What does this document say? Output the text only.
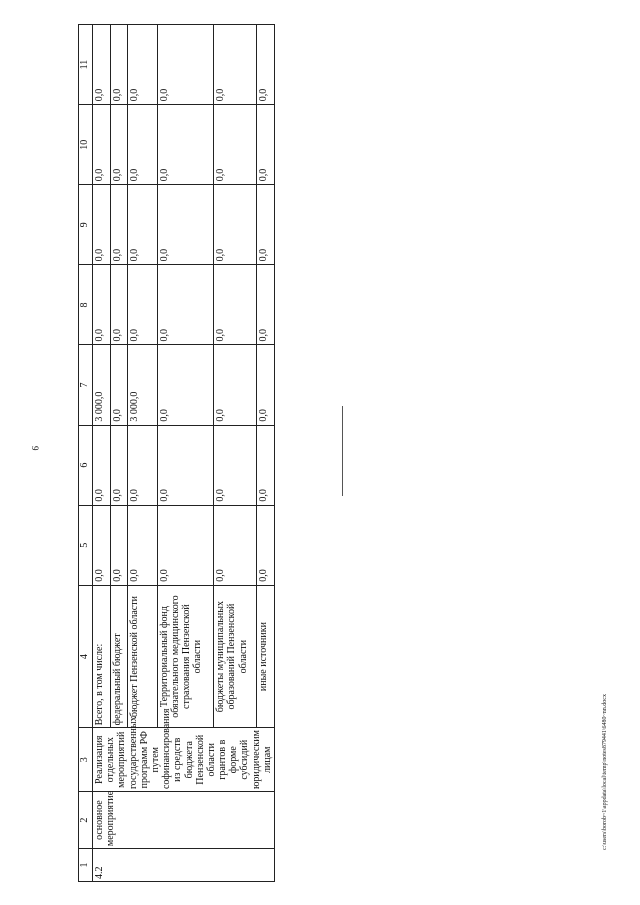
9
1	2	3	4	5	6	7	8	9	10	11
4.2	основное мероприятие	Реализация отдельных мероприятий государственных программ РФ путем софинансирования из средств бюджета Пензенской области грантов в форме субсидий юридическим лицам	Всего, в том числе:	0,0	0,0	3 000,0	0,0	0,0	0,0	0,0
			федеральный бюджет	0,0	0,0	0,0	0,0	0,0	0,0	0,0
			бюджет Пензенской области	0,0	0,0	3 000,0	0,0	0,0	0,0	0,0
			Территориальный фонд обязательного медицинского страхования Пензенской области	0,0	0,0	0,0	0,0	0,0	0,0	0,0
			бюджеты муниципальных образований Пензенской области	0,0	0,0	0,0	0,0	0,0	0,0	0,0
			иные источники	0,0	0,0	0,0	0,0	0,0	0,0	0,0
c:\users\borob~1\appdata\local\temp\notes879441\6480~nn.docx
